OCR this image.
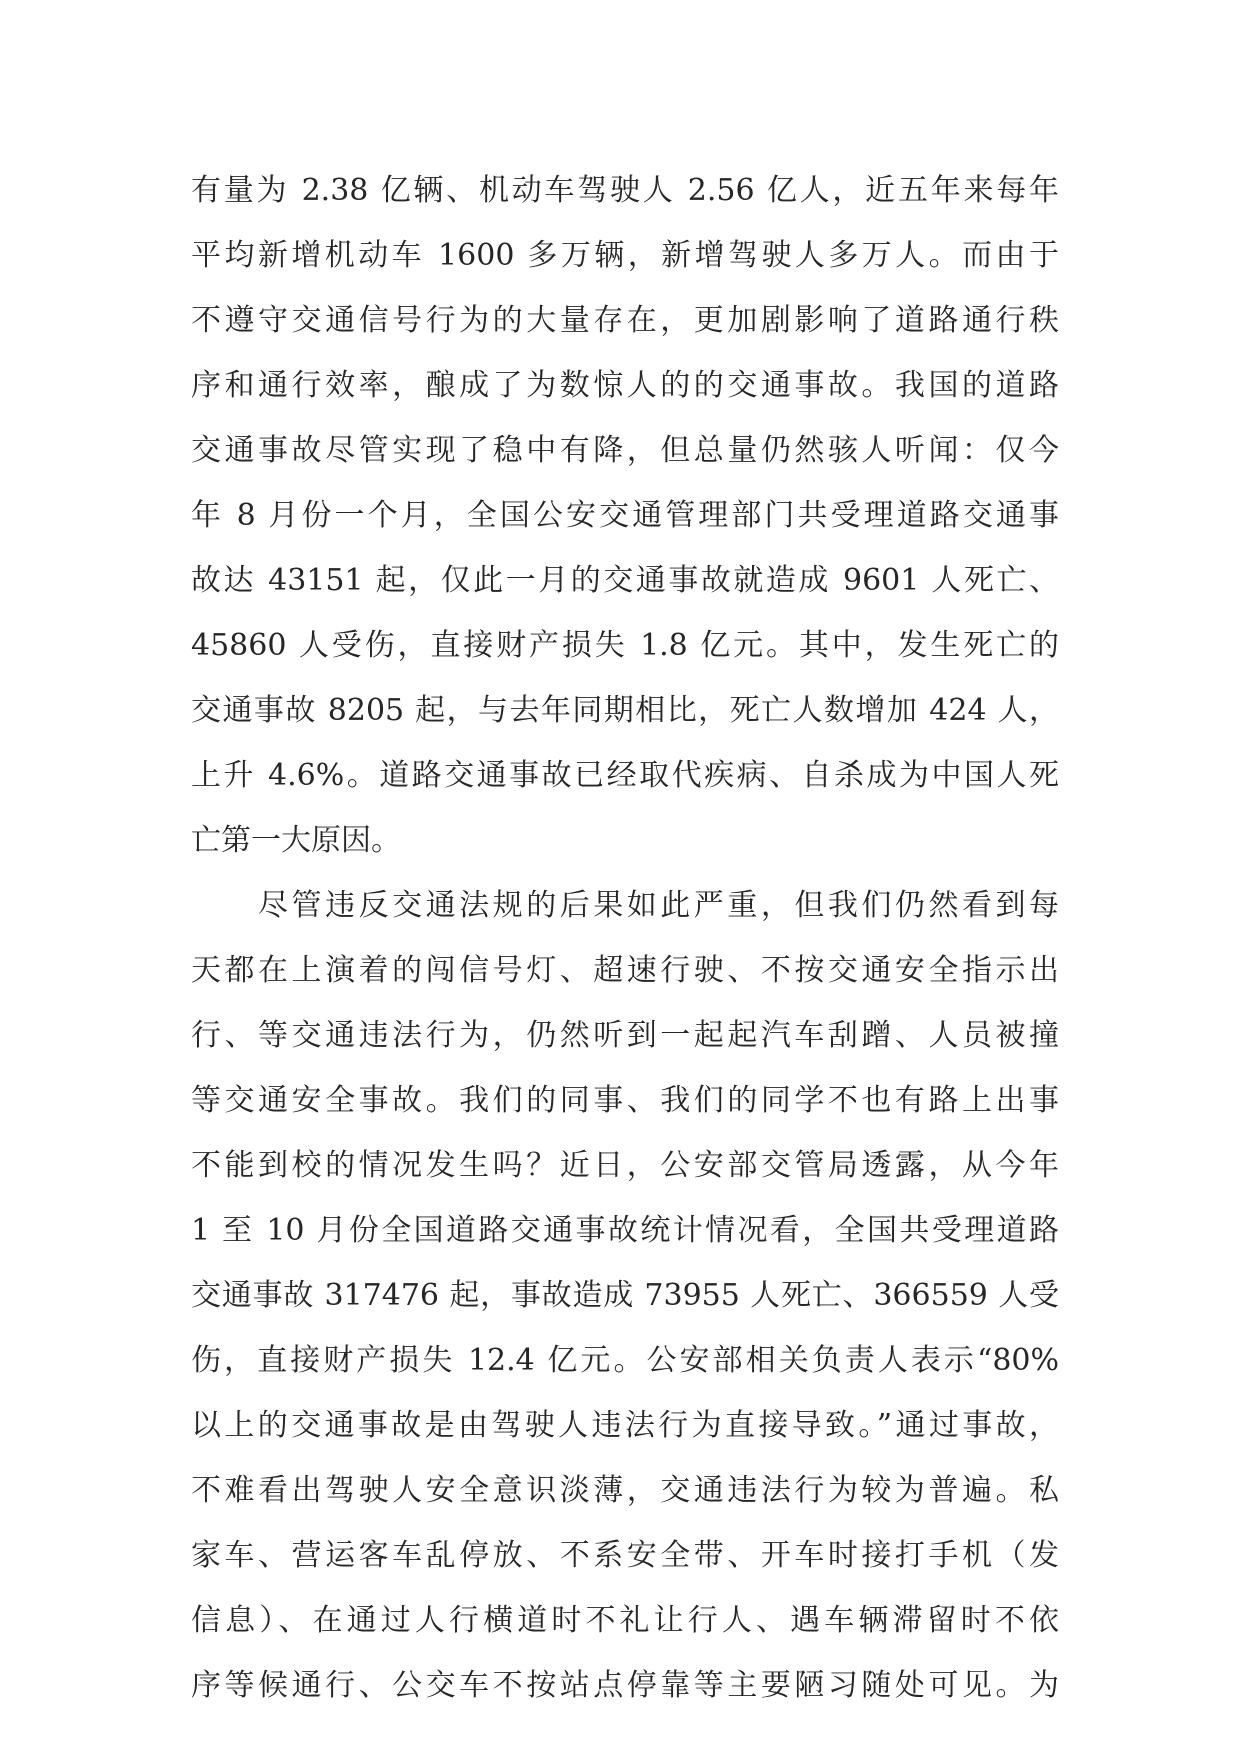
有量为 2.38 亿辆、机动车驾驶人 2.56 亿人，近五年来每年
平均新增机动车 1600 多万辆，新增驾驶人多万人。而由于
不遵守交通信号行为的大量存在，更加剧影响了道路通行秩
序和通行效率，酿成了为数惊人的的交通事故。我国的道路
交通事故尽管实现了稳中有降，但总量仍然骇人听闻：仅今
年 8 月份一个月，全国公安交通管理部门共受理道路交通事
故达 43151 起，仅此一月的交通事故就造成 9601 人死亡、
45860 人受伤，直接财产损失 1.8 亿元。其中，发生死亡的
交通事故 8205 起，与去年同期相比，死亡人数增加 424 人，
上升 4.6%。道路交通事故已经取代疾病、自杀成为中国人死
亡第一大原因。
　　尽管违反交通法规的后果如此严重，但我们仍然看到每
天都在上演着的闯信号灯、超速行驶、不按交通安全指示出
行、等交通违法行为，仍然听到一起起汽车刮蹭、人员被撞
等交通安全事故。我们的同事、我们的同学不也有路上出事
不能到校的情况发生吗？近日，公安部交管局透露，从今年
1 至 10 月份全国道路交通事故统计情况看，全国共受理道路
交通事故 317476 起，事故造成 73955 人死亡、366559 人受
伤，直接财产损失 12.4 亿元。公安部相关负责人表示“80%
以上的交通事故是由驾驶人违法行为直接导致。”通过事故，
不难看出驾驶人安全意识淡薄，交通违法行为较为普遍。私
家车、营运客车乱停放、不系安全带、开车时接打手机（发
信息）、在通过人行横道时不礼让行人、遇车辆滞留时不依
序等候通行、公交车不按站点停靠等主要陋习随处可见。为
